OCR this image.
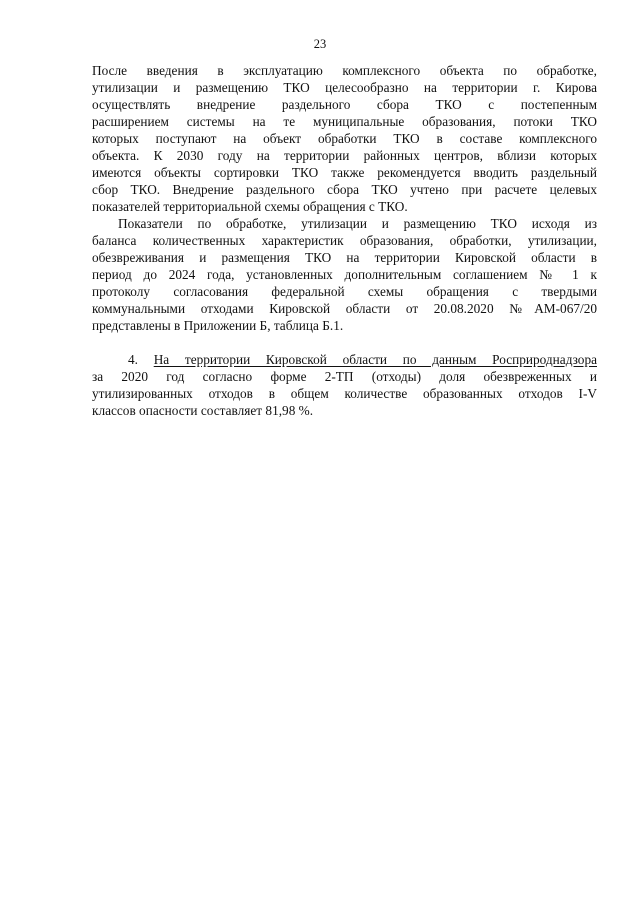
23
После введения в эксплуатацию комплексного объекта по обработке,
утилизации и размещению ТКО целесообразно на территории г. Кирова
осуществлять внедрение раздельного сбора ТКО с постепенным
расширением системы на те муниципальные образования, потоки ТКО
которых поступают на объект обработки ТКО в составе комплексного
объекта. К 2030 году на территории районных центров, вблизи которых
имеются объекты сортировки ТКО также рекомендуется вводить раздельный
сбор ТКО. Внедрение раздельного сбора ТКО учтено при расчете целевых
показателей территориальной схемы обращения с ТКО.
Показатели по обработке, утилизации и размещению ТКО исходя из
баланса количественных характеристик образования, обработки, утилизации,
обезвреживания и размещения ТКО на территории Кировской области в
период до 2024 года, установленных дополнительным соглашением № 1 к
протоколу согласования федеральной схемы обращения с твердыми
коммунальными отходами Кировской области от 20.08.2020 №АМ-067/20
представлены в Приложении Б, таблица Б.1.
4. На территории Кировской области по данным Росприроднадзора
за 2020 год согласно форме 2-ТП (отходы) доля обезвреженных и
утилизированных отходов в общем количестве образованных отходов I-V
классов опасности составляет 81,98 %.
